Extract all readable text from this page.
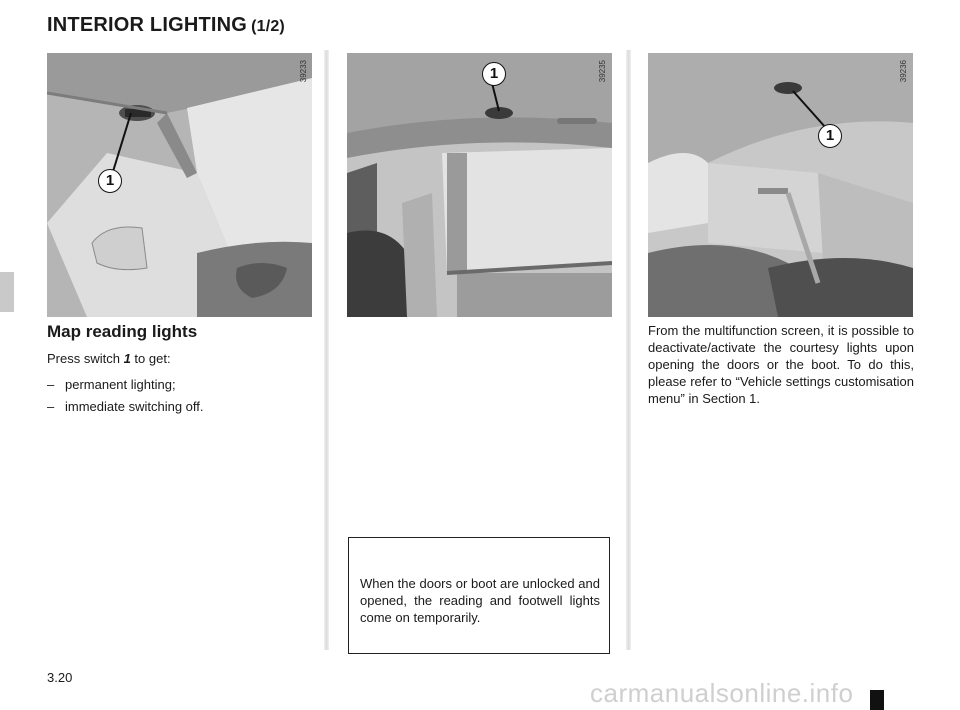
INTERIOR LIGHTING (1/2)
1
39233	1	39235
1
39236
Map reading lights
Press switch 1 to get:
– permanent lighting;
– immediate switching off.
From the multifunction screen, it is possible to deactivate/activate the courtesy lights upon opening the doors or the boot. To do this, please refer to “Vehicle settings customisation menu” in Section 1.
When the doors or boot are unlocked and opened, the reading and footwell lights come on temporarily.
3.20
carmanualsonline.info
